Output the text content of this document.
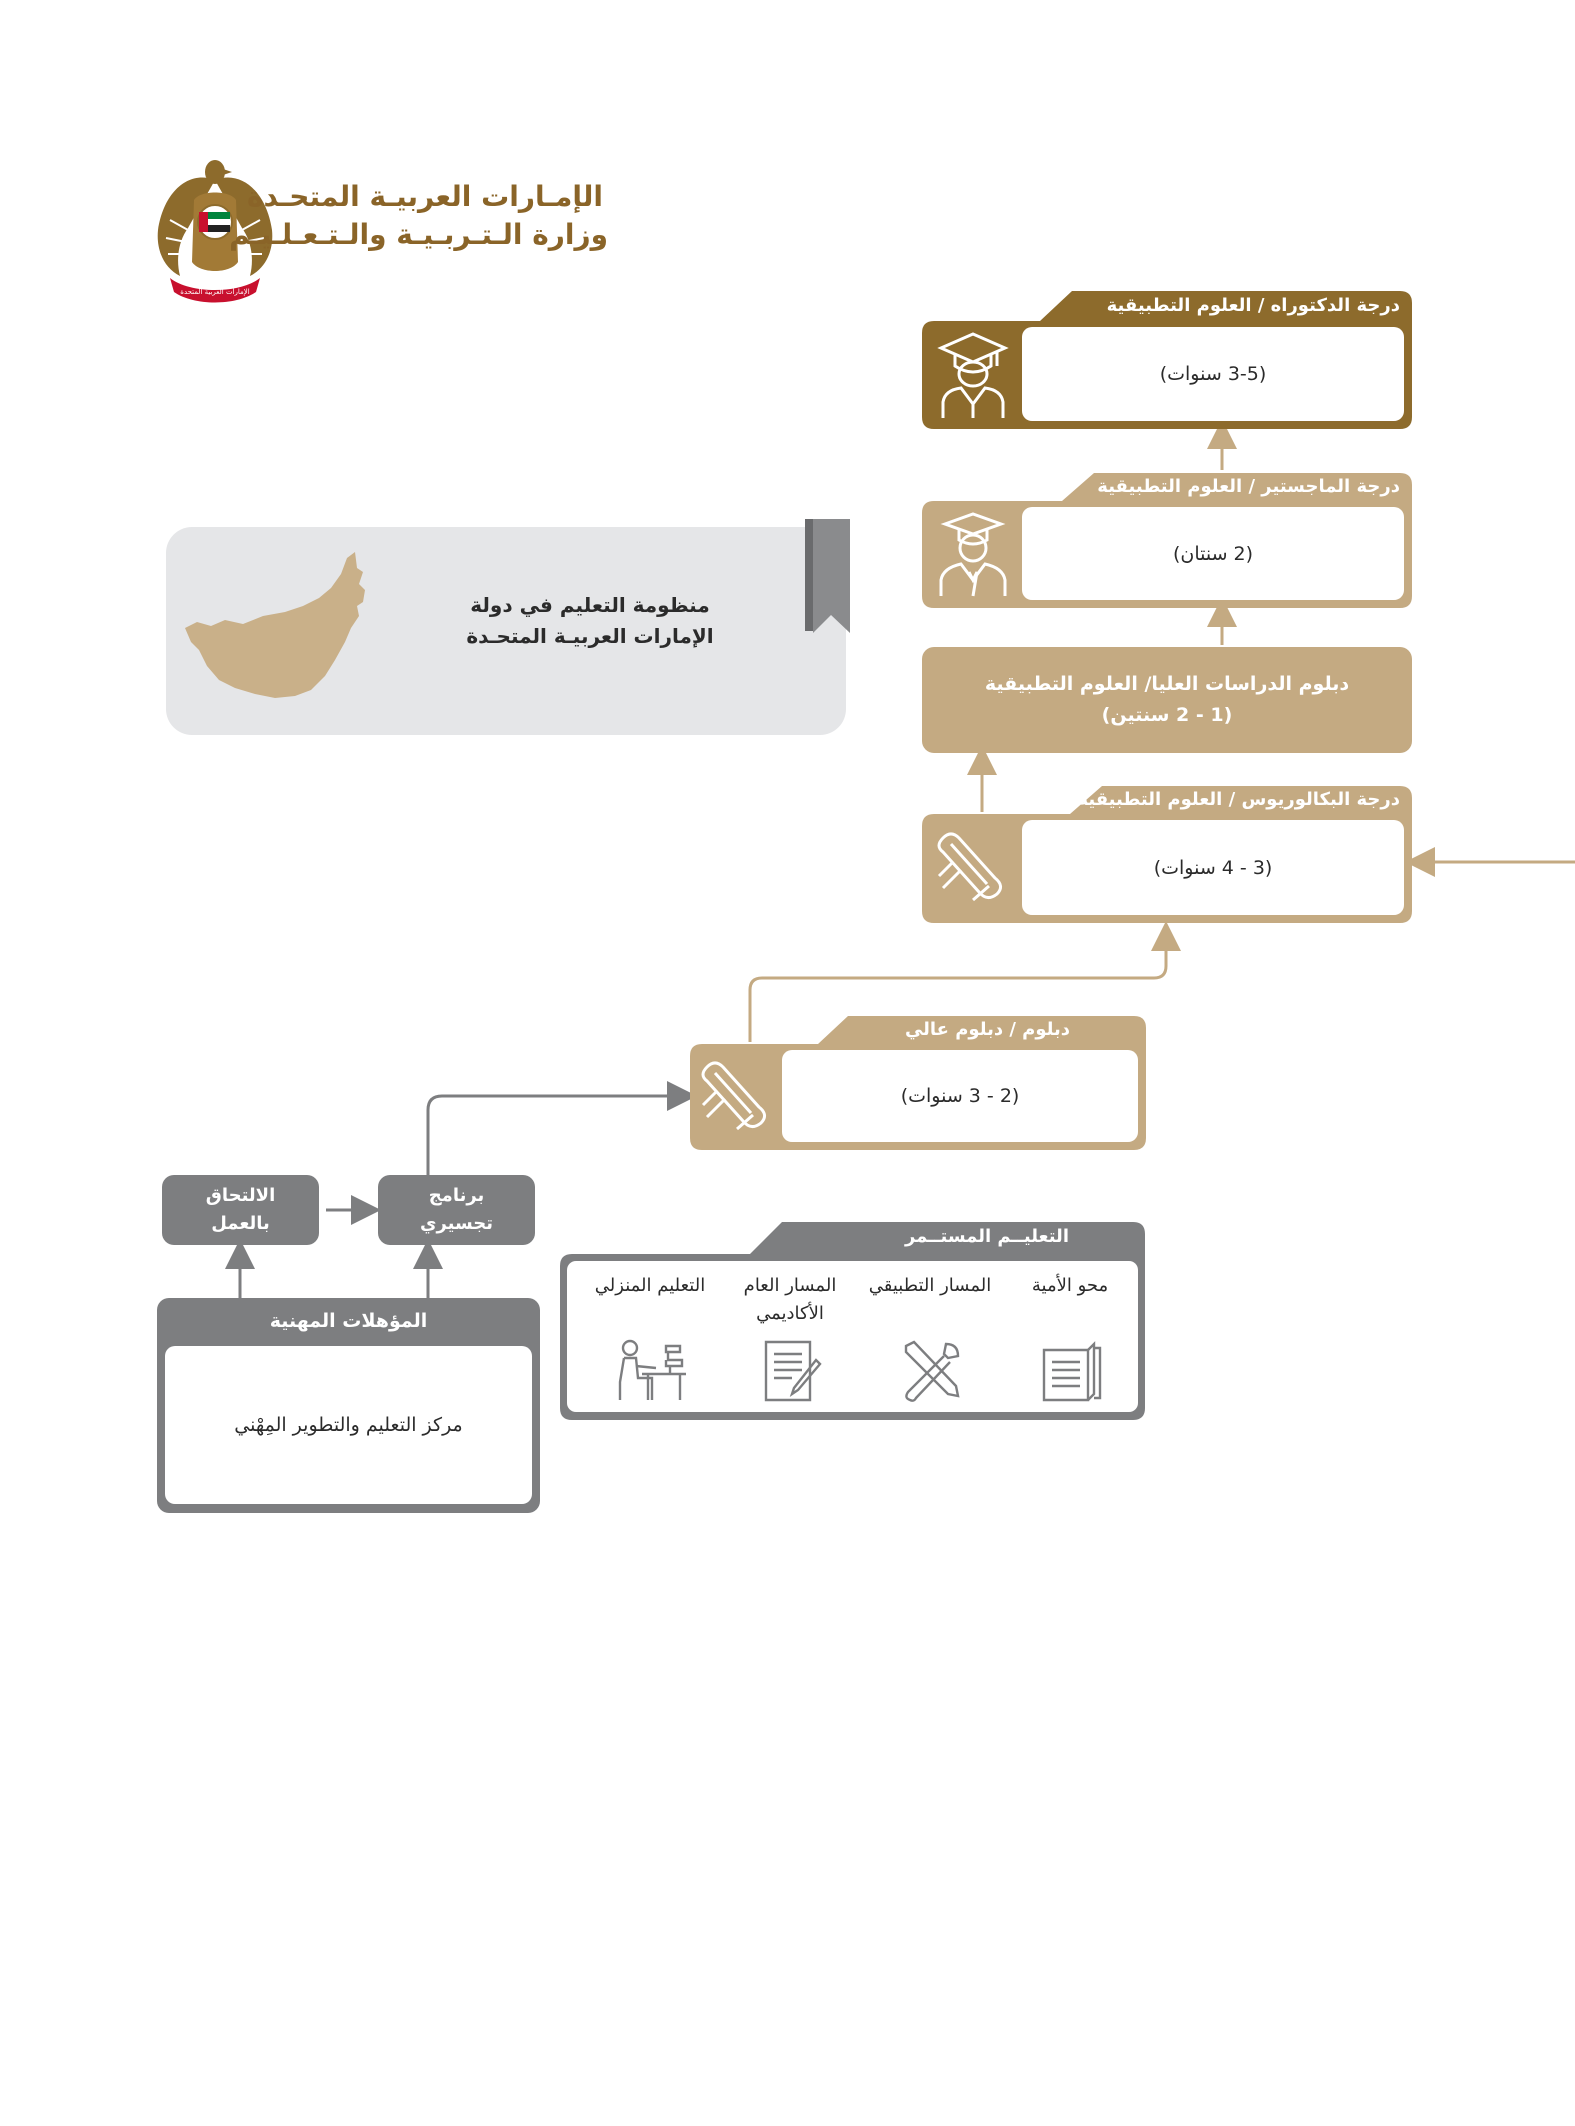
الإمارات العربية المتحدة
الإمـارات العربيـة المتحـدة
وزارة الـتـربـيـة والـتـعـلـيـم
منظومة التعليم في دولة
الإمارات العربيـة المتحـدة
درجة الدكتوراه / العلوم التطبيقية
(3-5 سنوات)
درجة الماجستير / العلوم التطبيقية
(2 سنتان)
دبلوم الدراسات العليا/ العلوم التطبيقية
(1 - 2 سنتين)
درجة البكالوريوس / العلوم التطبيقية
(3 - 4 سنوات)
دبلوم / دبلوم عالي
(2 - 3 سنوات)
الالتحاق
بالعمل
برنامج
تجسيري
المؤهلات المهنية
مركز التعليم والتطوير المِهْني
التعليــم المستــمر
محو الأمية
المسار التطبيقي
المسار العام
الأكاديمي
التعليم المنزلي
